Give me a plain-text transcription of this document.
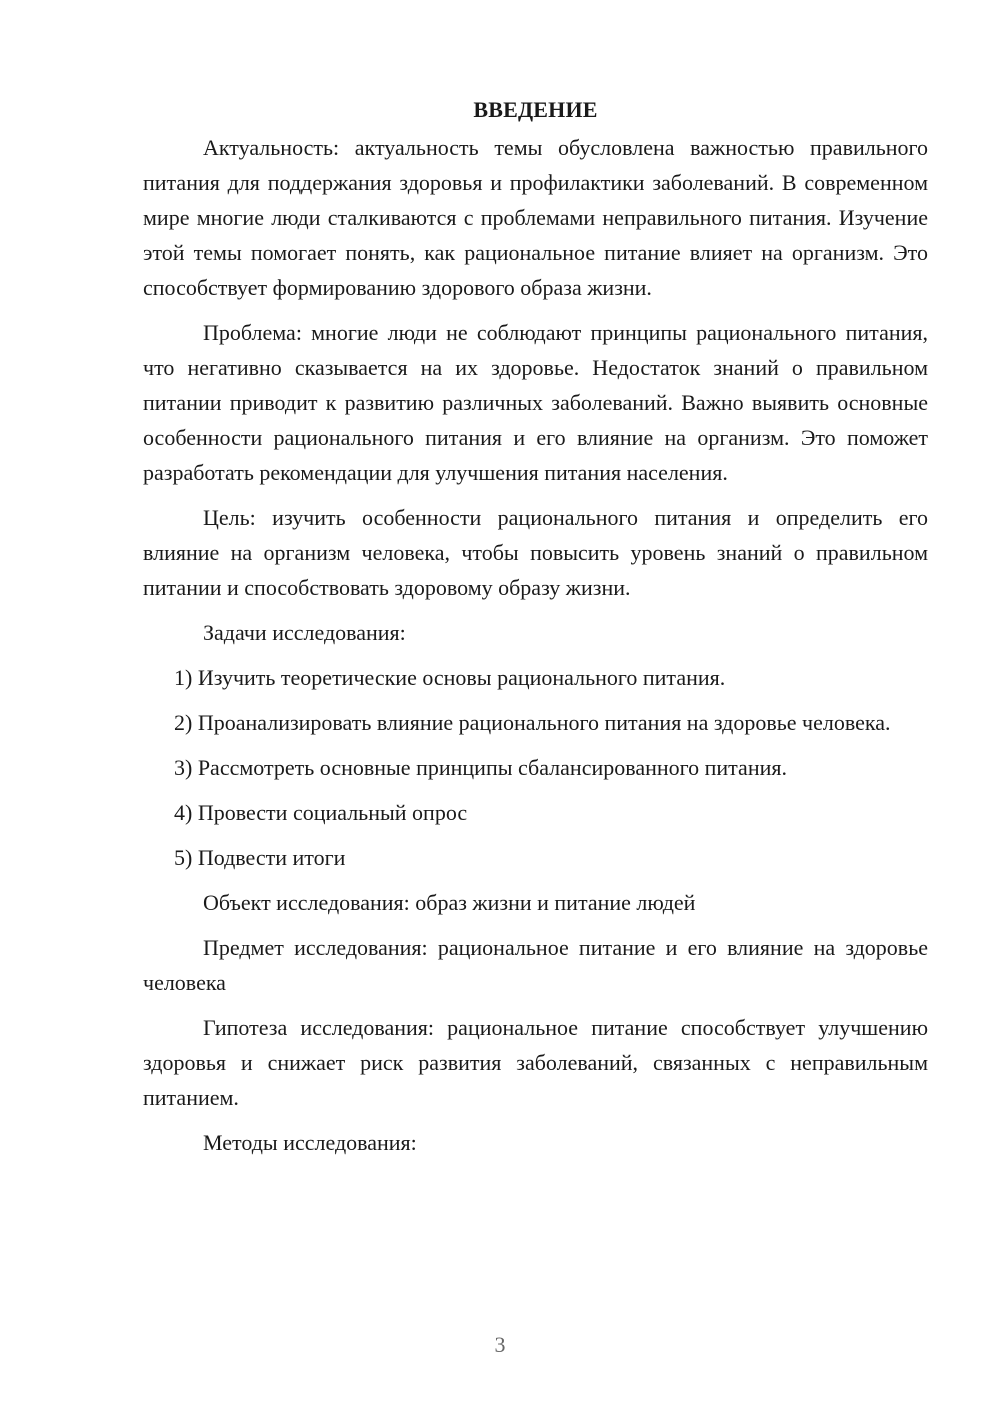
ВВЕДЕНИЕ

Актуальность: актуальность темы обусловлена важностью правильного питания для поддержания здоровья и профилактики заболеваний. В современном мире многие люди сталкиваются с проблемами неправильного питания. Изучение этой темы помогает понять, как рациональное питание влияет на организм. Это способствует формированию здорового образа жизни.

Проблема: многие люди не соблюдают принципы рационального питания, что негативно сказывается на их здоровье. Недостаток знаний о правильном питании приводит к развитию различных заболеваний. Важно выявить основные особенности рационального питания и его влияние на организм. Это поможет разработать рекомендации для улучшения питания населения.

Цель: изучить особенности рационального питания и определить его влияние на организм человека, чтобы повысить уровень знаний о правильном питании и способствовать здоровому образу жизни.

Задачи исследования:

1) Изучить теоретические основы рационального питания.

2) Проанализировать влияние рационального питания на здоровье человека.

3) Рассмотреть основные принципы сбалансированного питания.

4) Провести социальный опрос

5) Подвести итоги

Объект исследования: образ жизни и питание людей

Предмет исследования: рациональное питание и его влияние на здоровье человека

Гипотеза исследования: рациональное питание способствует улучшению здоровья и снижает риск развития заболеваний, связанных с неправильным питанием.

Методы исследования:

3
